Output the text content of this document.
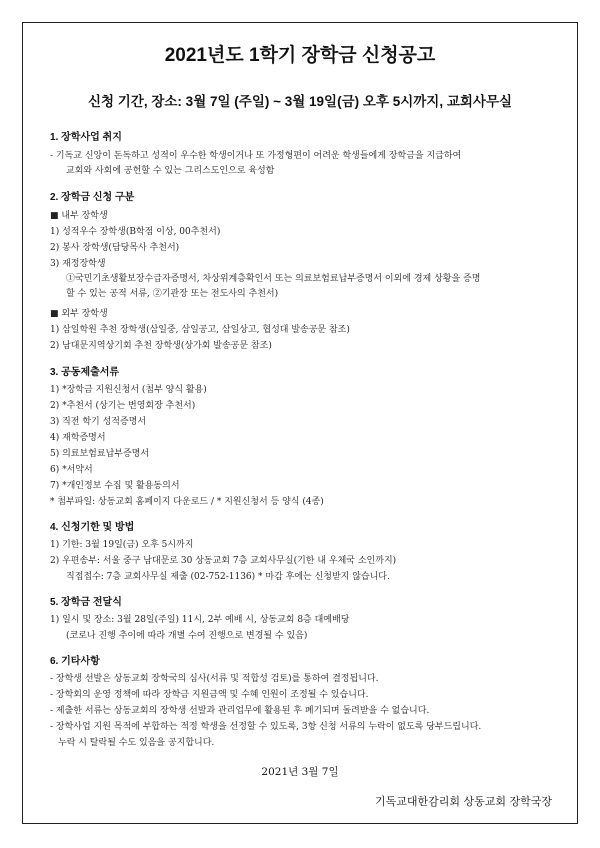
2021년도 1학기 장학금 신청공고
신청 기간, 장소: 3월 7일 (주일) ~ 3월 19일(금) 오후 5시까지, 교회사무실
1. 장학사업 취지
- 기독교 신앙이 돈독하고 성적이 우수한 학생이거나 또 가정형편이 어려운 학생들에게 장학금을 지급하여
교회와 사회에 공헌할 수 있는 그리스도인으로 육성함
2. 장학금 신청 구분
■ 내부 장학생
1) 성적우수 장학생(B학점 이상, 00추천서)
2) 봉사 장학생(담당목사 추천서)
3) 재정장학생
①국민기초생활보장수급자증명서, 차상위계층확인서 또는 의료보험료납부증명서 이외에 경제 상황을 증명
할 수 있는 공적 서류, ②기관장 또는 전도사의 추천서)
■ 외부 장학생
1) 삼일학원 추천 장학생(삼일중, 삼일공고, 삼일상고, 협성대 발송공문 참조)
2) 남대문지역상기회 추천 장학생(상가회 발송공문 참조)
3. 공동제출서류
1) *장학금 지원신청서 (첨부 양식 활용)
2) *추천서 (상기는 번영회장 추천서)
3) 직전 학기 성적증명서
4) 재학증명서
5) 의료보험료납부증명서
6) *서약서
7) *개인정보 수집 및 활용동의서
* 첨부파일: 상동교회 홈페이지 다운로드 / * 지원신청서 등 양식 (4종)
4. 신청기한 및 방법
1) 기한: 3월 19일(금) 오후 5시까지
2) 우편송부: 서울 중구 남대문로 30 상동교회 7층 교회사무실(기한 내 우체국 소인까지)
직접접수: 7층 교회사무실 제출 (02-752-1136) * 마감 후에는 신청받지 않습니다.
5. 장학금 전달식
1) 일시 및 장소: 3월 28일(주일) 11시, 2부 예배 시, 상동교회 8층 대예배당
(코로나 진행 추이에 따라 개별 수여 진행으로 변경될 수 있음)
6. 기타사항
- 장학생 선발은 상동교회 장학국의 심사(서류 및 적합성 검토)를 통하여 결정됩니다.
- 장학회의 운영 정책에 따라 장학금 지원금액 및 수혜 인원이 조정될 수 있습니다.
- 제출한 서류는 상동교회의 장학생 선발과 관리업무에 활용된 후 폐기되며 돌려받을 수 없습니다.
- 장학사업 지원 목적에 부합하는 적정 학생을 선정할 수 있도록, 3항 신청 서류의 누락이 없도록 당부드립니다.
누락 시 탈락될 수도 있음을 공지합니다.
2021년 3월 7일
기독교대한감리회 상동교회 장학국장
